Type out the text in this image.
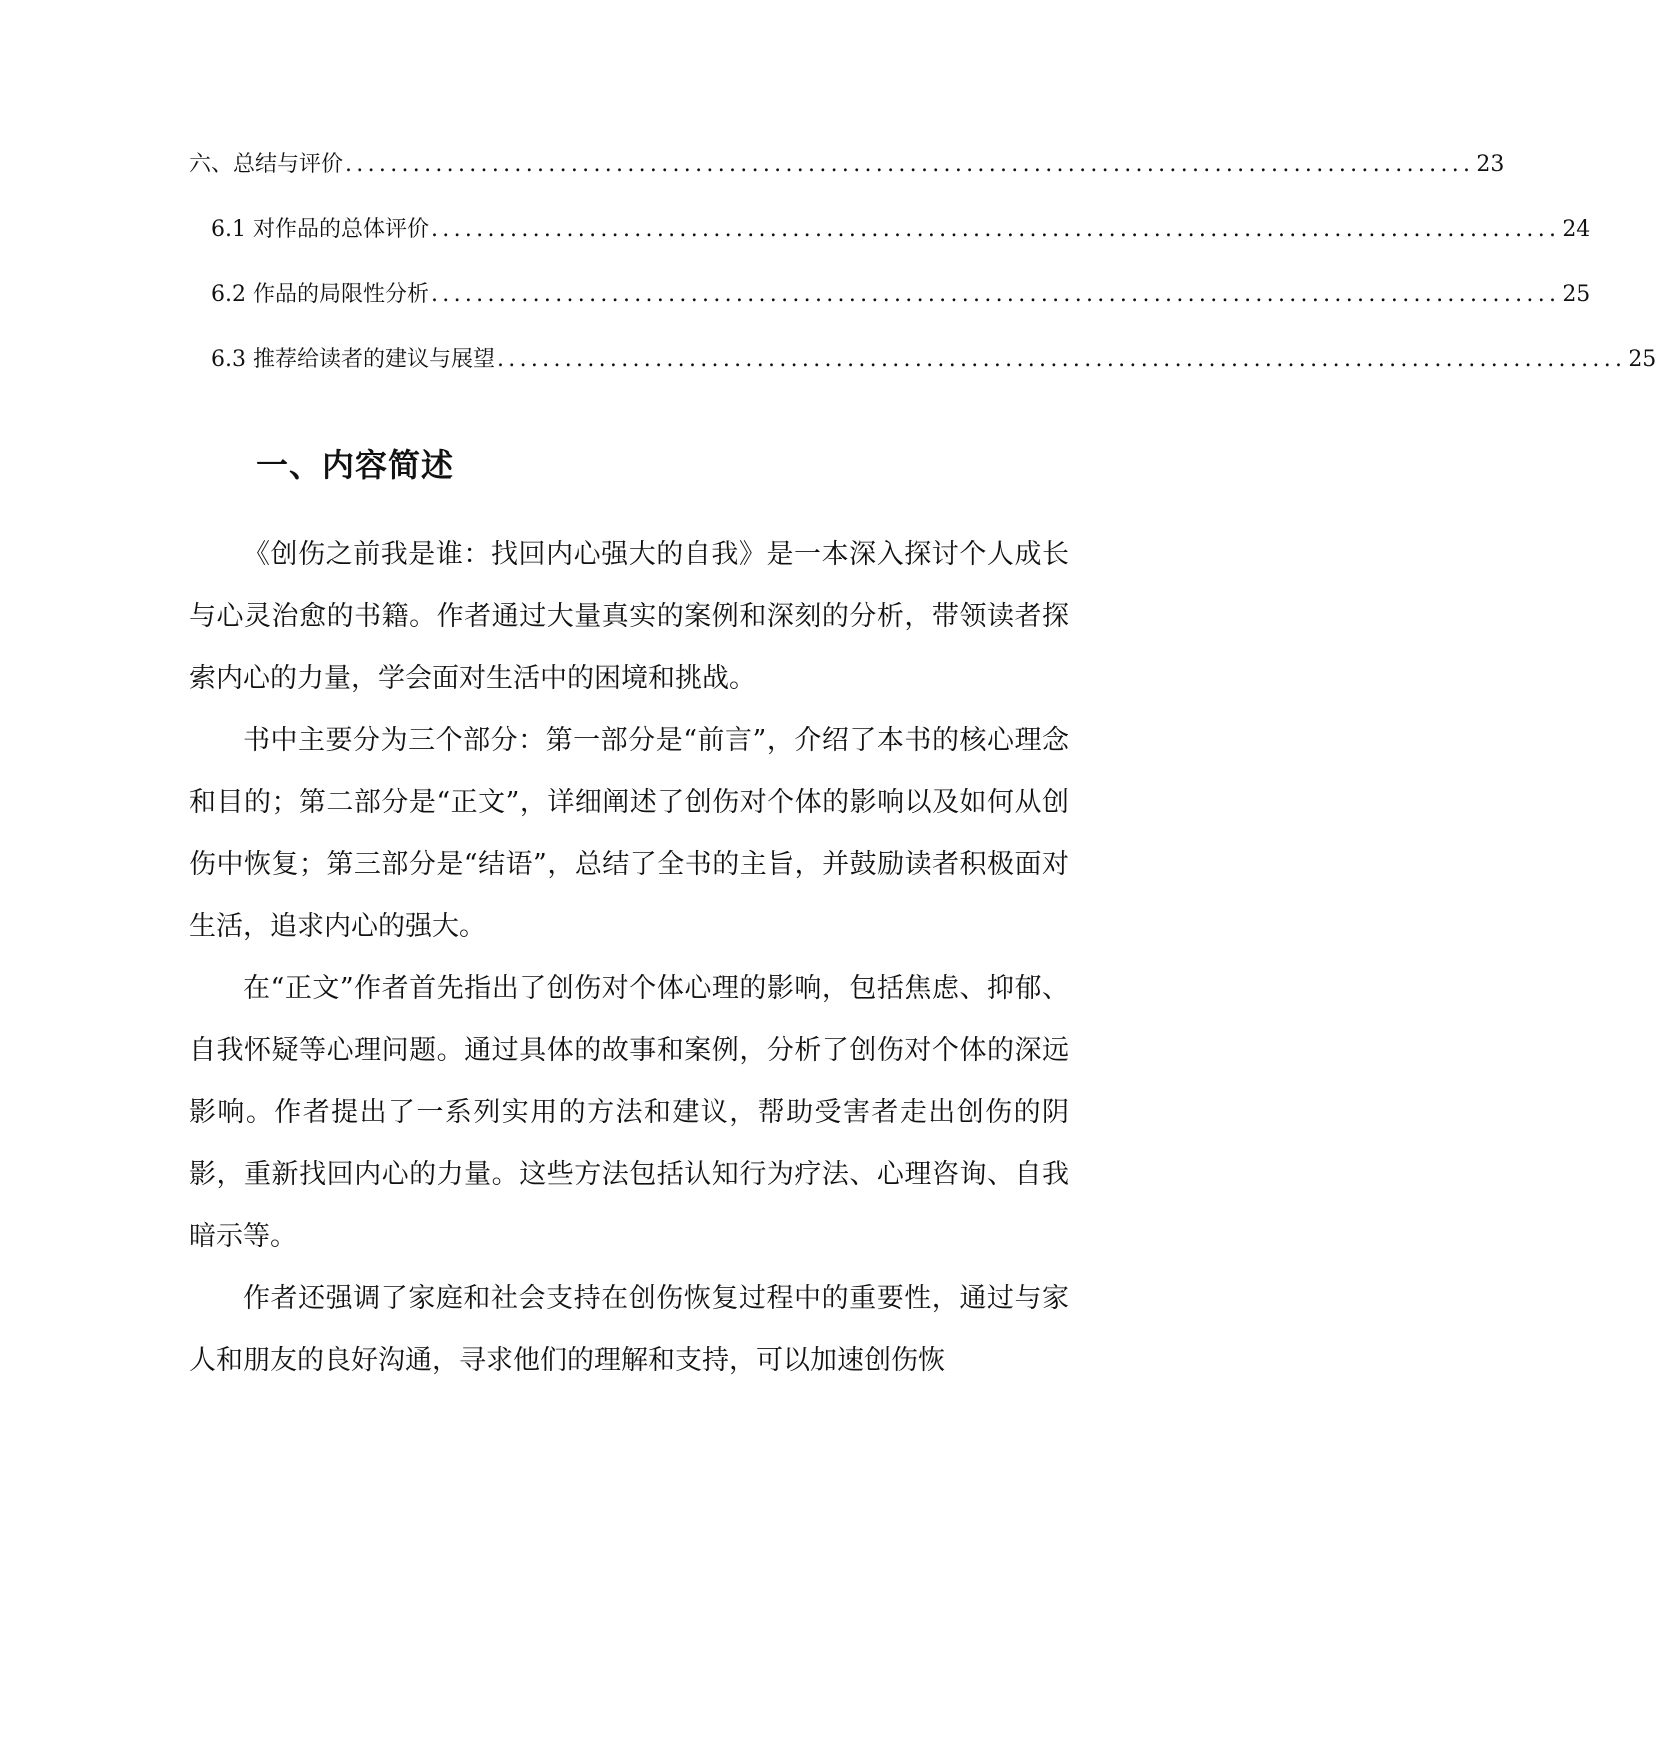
六、总结与评价 .................................................................................................... 23
6.1 对作品的总体评价 .................................................................................................... 24
6.2 作品的局限性分析 .................................................................................................... 25
6.3 推荐给读者的建议与展望 .................................................................................................... 25
一、内容简述

《创伤之前我是谁：找回内心强大的自我》是一本深入探讨个人成长与心灵治愈的书籍。作者通过大量真实的案例和深刻的分析，带领读者探索内心的力量，学会面对生活中的困境和挑战。

书中主要分为三个部分：第一部分是“前言”，介绍了本书的核心理念和目的；第二部分是“正文”，详细阐述了创伤对个体的影响以及如何从创伤中恢复；第三部分是“结语”，总结了全书的主旨，并鼓励读者积极面对生活，追求内心的强大。

在“正文”作者首先指出了创伤对个体心理的影响，包括焦虑、抑郁、自我怀疑等心理问题。通过具体的故事和案例，分析了创伤对个体的深远影响。作者提出了一系列实用的方法和建议，帮助受害者走出创伤的阴影，重新找回内心的力量。这些方法包括认知行为疗法、心理咨询、自我暗示等。

作者还强调了家庭和社会支持在创伤恢复过程中的重要性，通过与家人和朋友的良好沟通，寻求他们的理解和支持，可以加速创伤恢
